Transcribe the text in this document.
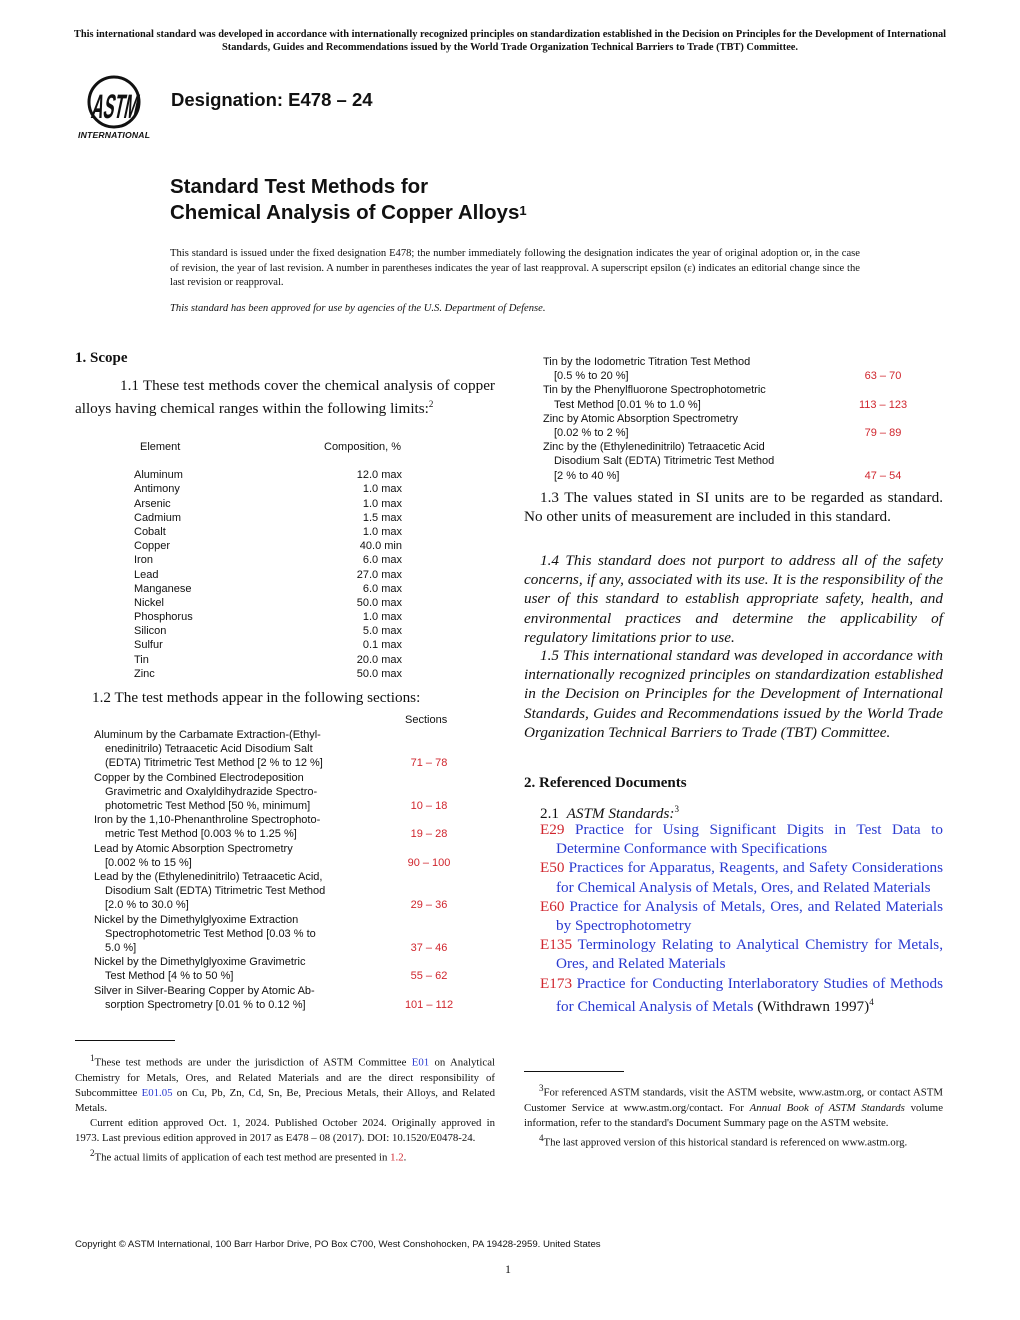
This international standard was developed in accordance with internationally recognized principles on standardization established in the Decision on Principles for the Development of International Standards, Guides and Recommendations issued by the World Trade Organization Technical Barriers to Trade (TBT) Committee.
ASTM
INTERNATIONAL
Designation: E478 – 24
Standard Test Methods for
Chemical Analysis of Copper Alloys$^1$
This standard is issued under the fixed designation E478; the number immediately following the designation indicates the year of original adoption or, in the case of revision, the year of last revision. A number in parentheses indicates the year of last reapproval. A superscript epsilon (ε) indicates an editorial change since the last revision or reapproval.
This standard has been approved for use by agencies of the U.S. Department of Defense.
1. Scope
1.1 These test methods cover the chemical analysis of copper alloys having chemical ranges within the following limits:$^2$
Element	Composition, %
Aluminum	12.0 max
Antimony	1.0 max
Arsenic	1.0 max
Cadmium	1.5 max
Cobalt	1.0 max
Copper	40.0 min
Iron	6.0 max
Lead	27.0 max
Manganese	6.0 max
Nickel	50.0 max
Phosphorus	1.0 max
Silicon	5.0 max
Sulfur	0.1 max
Tin	20.0 max
Zinc	50.0 max
1.2 The test methods appear in the following sections:
Sections
Aluminum by the Carbamate Extraction-(Ethyl-
enedinitrilo) Tetraacetic Acid Disodium Salt
(EDTA) Titrimetric Test Method [2 % to 12 %]	71 – 78
Copper by the Combined Electrodeposition
Gravimetric and Oxalyldihydrazide Spectro-
photometric Test Method [50 %, minimum]	10 – 18
Iron by the 1,10-Phenanthroline Spectrophoto-
metric Test Method [0.003 % to 1.25 %]	19 – 28
Lead by Atomic Absorption Spectrometry
[0.002 % to 15 %]	90 – 100
Lead by the (Ethylenedinitrilo) Tetraacetic Acid,
Disodium Salt (EDTA) Titrimetric Test Method
[2.0 % to 30.0 %]	29 – 36
Nickel by the Dimethylglyoxime Extraction
Spectrophotometric Test Method [0.03 % to
5.0 %]	37 – 46
Nickel by the Dimethylglyoxime Gravimetric
Test Method [4 % to 50 %]	55 – 62
Silver in Silver-Bearing Copper by Atomic Ab-
sorption Spectrometry [0.01 % to 0.12 %]	101 – 112
$^1$These test methods are under the jurisdiction of ASTM Committee E01 on Analytical Chemistry for Metals, Ores, and Related Materials and are the direct responsibility of Subcommittee E01.05 on Cu, Pb, Zn, Cd, Sn, Be, Precious Metals, their Alloys, and Related Metals.
Current edition approved Oct. 1, 2024. Published October 2024. Originally approved in 1973. Last previous edition approved in 2017 as E478 – 08 (2017). DOI: 10.1520/E0478-24.
$^2$The actual limits of application of each test method are presented in 1.2.
Tin by the Iodometric Titration Test Method
[0.5 % to 20 %]	63 – 70
Tin by the Phenylfluorone Spectrophotometric
Test Method [0.01 % to 1.0 %]	113 – 123
Zinc by Atomic Absorption Spectrometry
[0.02 % to 2 %]	79 – 89
Zinc by the (Ethylenedinitrilo) Tetraacetic Acid
Disodium Salt (EDTA) Titrimetric Test Method
[2 % to 40 %]	47 – 54
1.3 The values stated in SI units are to be regarded as standard. No other units of measurement are included in this standard.
1.4 This standard does not purport to address all of the safety concerns, if any, associated with its use. It is the responsibility of the user of this standard to establish appropriate safety, health, and environmental practices and determine the applicability of regulatory limitations prior to use.
1.5 This international standard was developed in accordance with internationally recognized principles on standardization established in the Decision on Principles for the Development of International Standards, Guides and Recommendations issued by the World Trade Organization Technical Barriers to Trade (TBT) Committee.
2. Referenced Documents
2.1 ASTM Standards:$^3$
E29 Practice for Using Significant Digits in Test Data to Determine Conformance with Specifications
E50 Practices for Apparatus, Reagents, and Safety Considerations for Chemical Analysis of Metals, Ores, and Related Materials
E60 Practice for Analysis of Metals, Ores, and Related Materials by Spectrophotometry
E135 Terminology Relating to Analytical Chemistry for Metals, Ores, and Related Materials
E173 Practice for Conducting Interlaboratory Studies of Methods for Chemical Analysis of Metals (Withdrawn 1997)$^4$
$^3$For referenced ASTM standards, visit the ASTM website, www.astm.org, or contact ASTM Customer Service at www.astm.org/contact. For Annual Book of ASTM Standards volume information, refer to the standard's Document Summary page on the ASTM website.
$^4$The last approved version of this historical standard is referenced on www.astm.org.
Copyright © ASTM International, 100 Barr Harbor Drive, PO Box C700, West Conshohocken, PA 19428-2959. United States
1
